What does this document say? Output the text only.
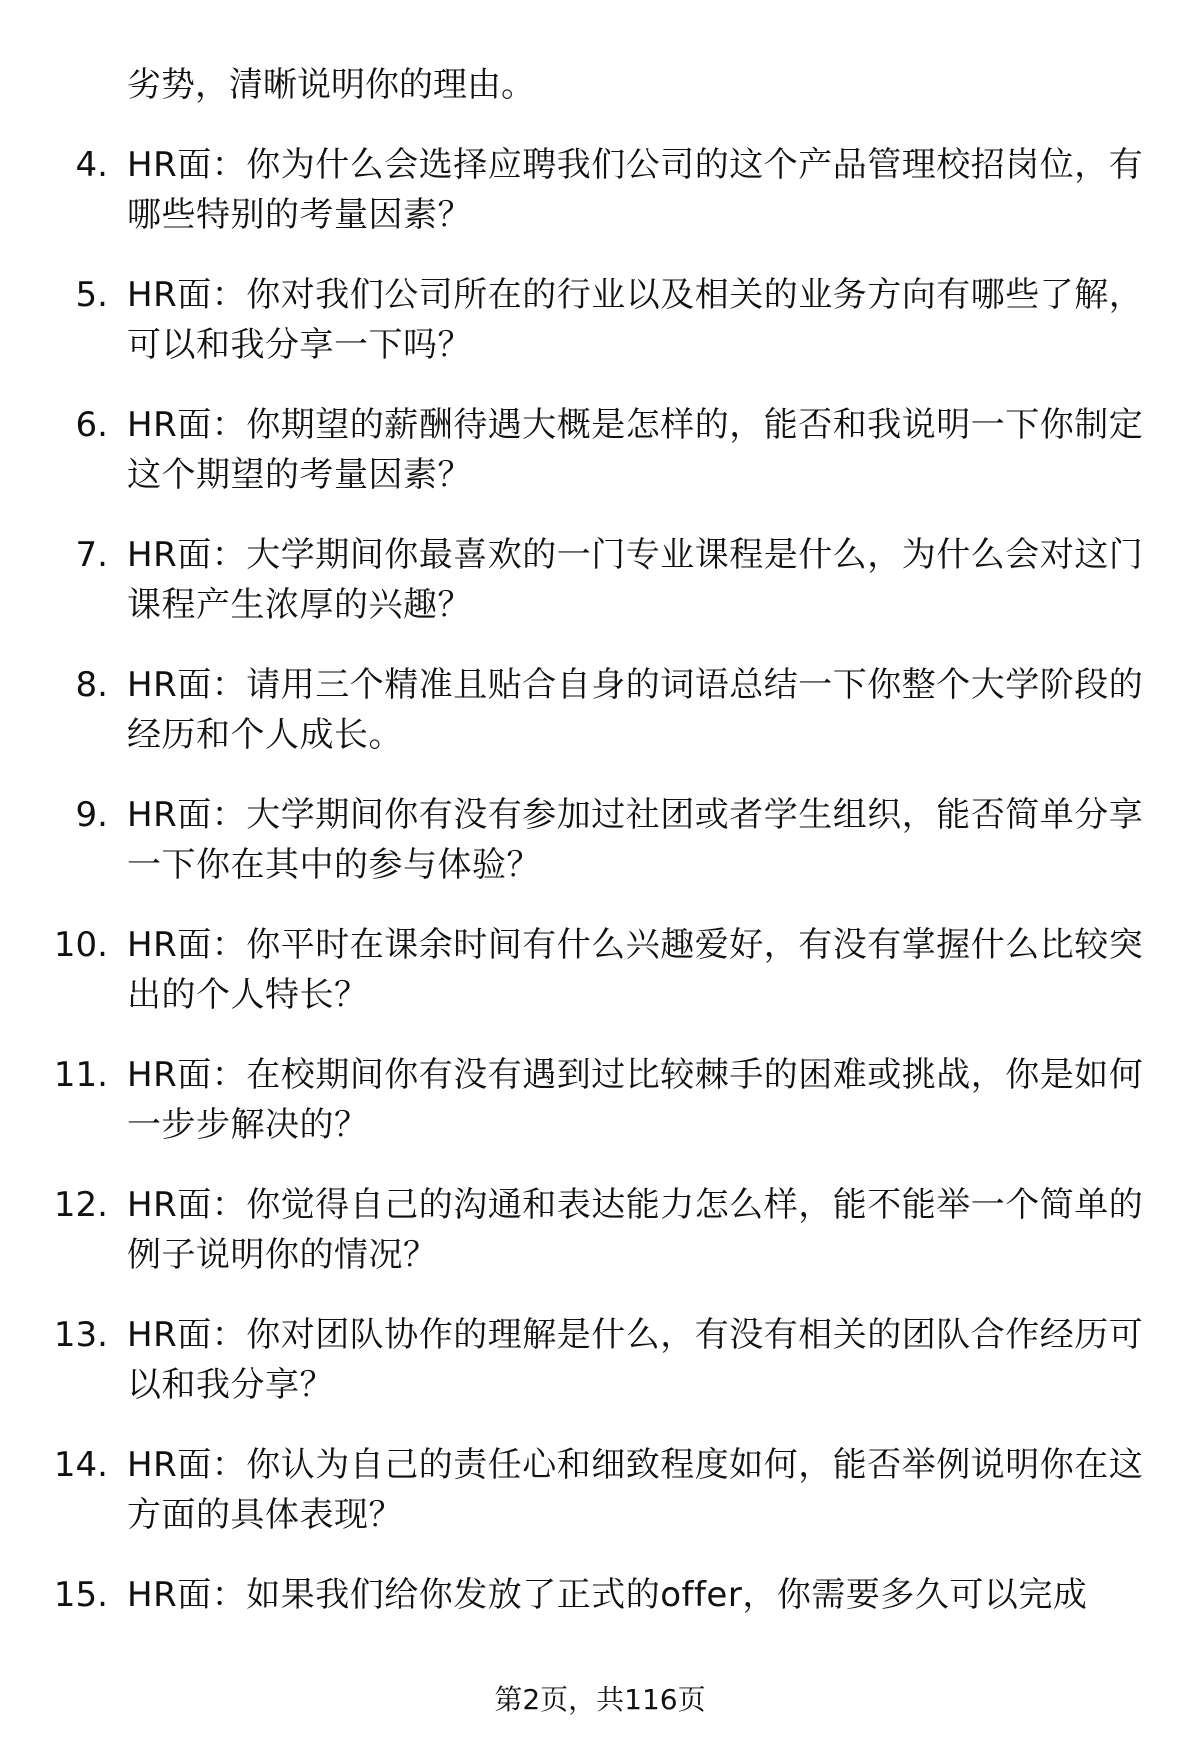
劣势，清晰说明你的理由。
4. HR面：你为什么会选择应聘我们公司的这个产品管理校招岗位，有哪些特别的考量因素？
5. HR面：你对我们公司所在的行业以及相关的业务方向有哪些了解，可以和我分享一下吗？
6. HR面：你期望的薪酬待遇大概是怎样的，能否和我说明一下你制定这个期望的考量因素？
7. HR面：大学期间你最喜欢的一门专业课程是什么，为什么会对这门课程产生浓厚的兴趣？
8. HR面：请用三个精准且贴合自身的词语总结一下你整个大学阶段的经历和个人成长。
9. HR面：大学期间你有没有参加过社团或者学生组织，能否简单分享一下你在其中的参与体验？
10. HR面：你平时在课余时间有什么兴趣爱好，有没有掌握什么比较突出的个人特长？
11. HR面：在校期间你有没有遇到过比较棘手的困难或挑战，你是如何一步步解决的？
12. HR面：你觉得自己的沟通和表达能力怎么样，能不能举一个简单的例子说明你的情况？
13. HR面：你对团队协作的理解是什么，有没有相关的团队合作经历可以和我分享？
14. HR面：你认为自己的责任心和细致程度如何，能否举例说明你在这方面的具体表现？
15. HR面：如果我们给你发放了正式的offer，你需要多久可以完成
第2页，共116页
